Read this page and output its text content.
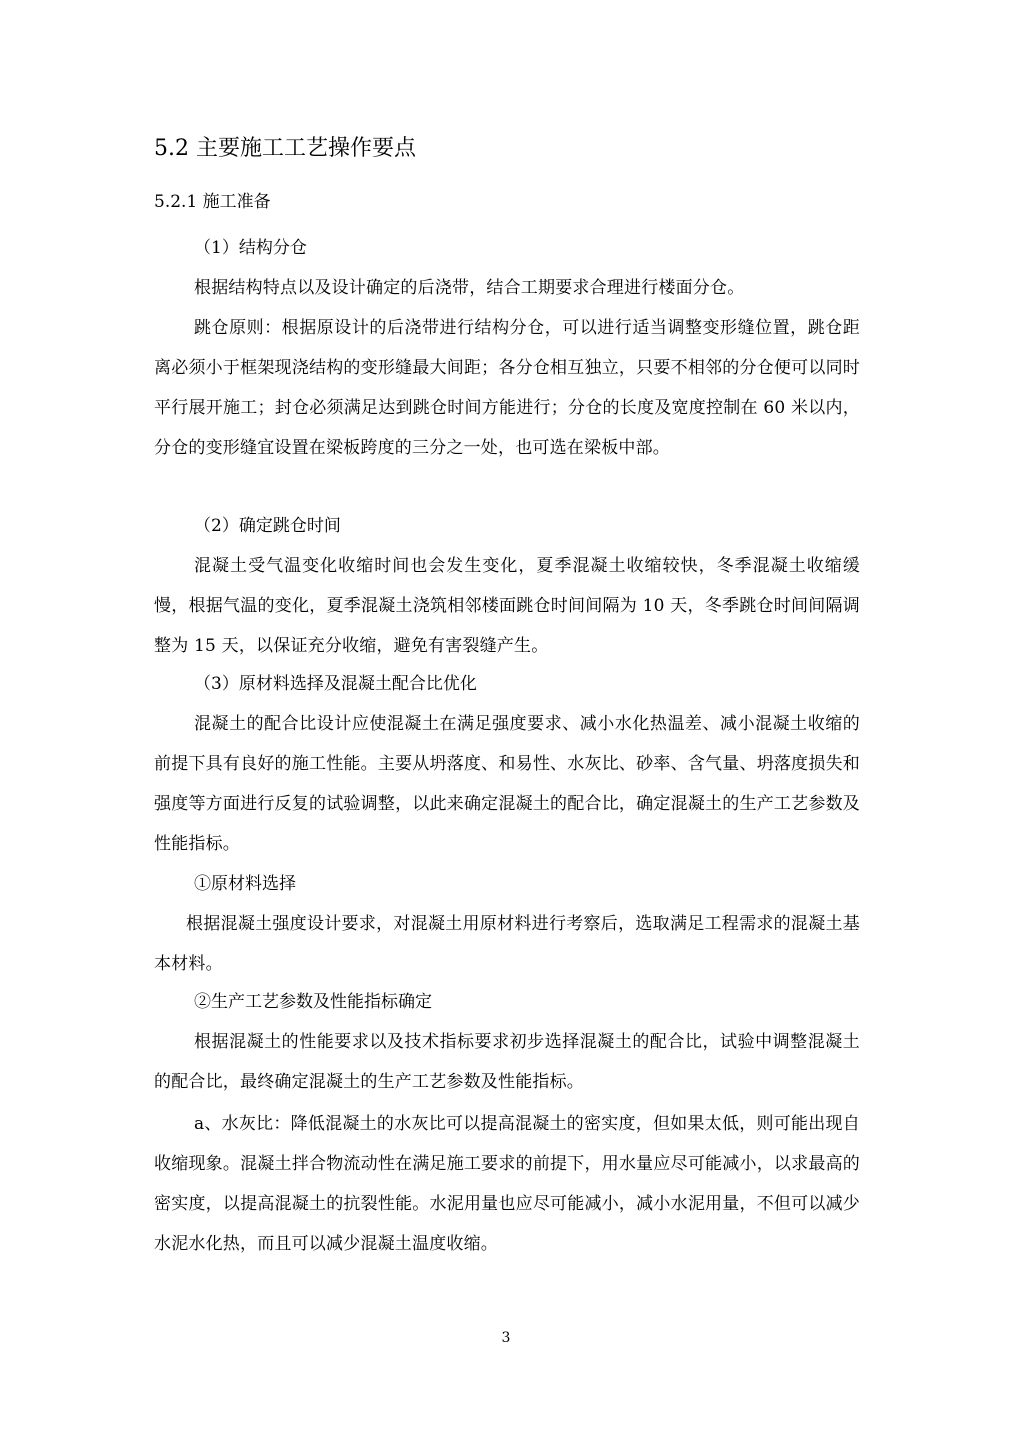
5.2 主要施工工艺操作要点
5.2.1 施工准备
（1）结构分仓
根据结构特点以及设计确定的后浇带，结合工期要求合理进行楼面分仓。
跳仓原则：根据原设计的后浇带进行结构分仓，可以进行适当调整变形缝位置，跳仓距离必须小于框架现浇结构的变形缝最大间距；各分仓相互独立，只要不相邻的分仓便可以同时平行展开施工；封仓必须满足达到跳仓时间方能进行；分仓的长度及宽度控制在 60 米以内，分仓的变形缝宜设置在梁板跨度的三分之一处，也可选在梁板中部。
（2）确定跳仓时间
混凝土受气温变化收缩时间也会发生变化，夏季混凝土收缩较快，冬季混凝土收缩缓慢，根据气温的变化，夏季混凝土浇筑相邻楼面跳仓时间间隔为 10 天，冬季跳仓时间间隔调整为 15 天，以保证充分收缩，避免有害裂缝产生。
（3）原材料选择及混凝土配合比优化
混凝土的配合比设计应使混凝土在满足强度要求、减小水化热温差、减小混凝土收缩的前提下具有良好的施工性能。主要从坍落度、和易性、水灰比、砂率、含气量、坍落度损失和强度等方面进行反复的试验调整，以此来确定混凝土的配合比，确定混凝土的生产工艺参数及性能指标。
①原材料选择
根据混凝土强度设计要求，对混凝土用原材料进行考察后，选取满足工程需求的混凝土基本材料。
②生产工艺参数及性能指标确定
根据混凝土的性能要求以及技术指标要求初步选择混凝土的配合比，试验中调整混凝土的配合比，最终确定混凝土的生产工艺参数及性能指标。
a、水灰比：降低混凝土的水灰比可以提高混凝土的密实度，但如果太低，则可能出现自收缩现象。混凝土拌合物流动性在满足施工要求的前提下，用水量应尽可能减小，以求最高的密实度，以提高混凝土的抗裂性能。水泥用量也应尽可能减小，减小水泥用量，不但可以减少水泥水化热，而且可以减少混凝土温度收缩。
3
